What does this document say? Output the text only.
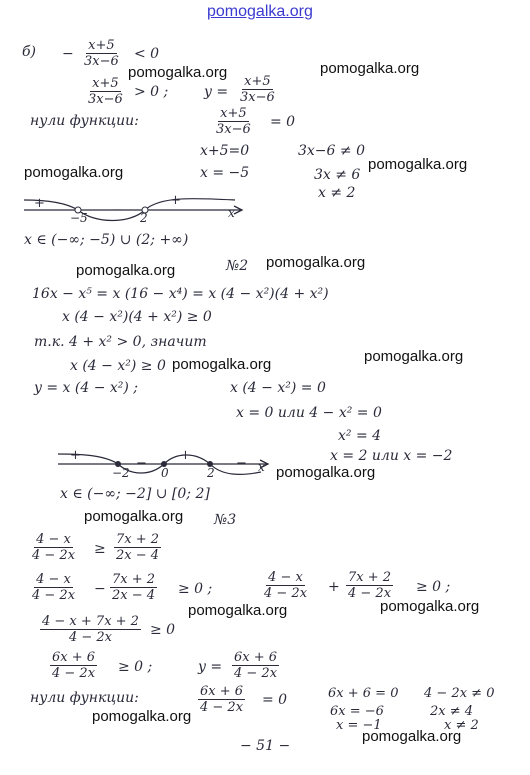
pomogalka.org
$б) - \frac{x+5}{3x-6} < 0$
pomogalka.org	pomogalka.org
$\frac{x+5}{3x-6} > 0$ ;	$y = \frac{x+5}{3x-6}$
нули функции:	$\frac{x+5}{3x-6} = 0$
x+5=0	3x−6 ≠ 0
pomogalka.org
pomogalka.org	x = −5	3x ≠ 6
x ≠ 2
+	−
+
−5	2	x
x ∈ (−∞; −5) ∪ (2; +∞)
pomogalka.org	№2 pomogalka.org
16x − x⁵ = x (16 − x⁴) = x (4 − x²)(4 + x²)
x (4 − x²)(4 + x²) ≥ 0
т.к. 4 + x² > 0, значит
pomogalka.org
x (4 − x²) ≥ 0 pomogalka.org
y = x (4 − x²) ;	x (4 − x²) = 0
x = 0 или 4 − x² = 0
x² = 4
x = 2 или x = −2
+
−
+
−
−2	0	2	x pomogalka.org
x ∈ (−∞; −2] ∪ [0; 2]
pomogalka.org №3
$\frac{4 - x}{4 - 2x} \ge \frac{7x + 2}{2x - 4}$
$\frac{4 - x}{4 - 2x} - \frac{7x + 2}{2x - 4} \ge 0$ ;	$\frac{4 - x}{4 - 2x} + \frac{7x + 2}{4 - 2x} \ge 0$ ;
pomogalka.org	pomogalka.org
$\frac{4 - x + 7x + 2}{4 - 2x} \ge 0$
$\frac{6x + 6}{4 - 2x} \ge 0$ ;	$y = \frac{6x + 6}{4 - 2x}$
нули функции:	$\frac{6x + 6}{4 - 2x} = 0$	6x + 6 = 0 4 − 2x ≠ 0
6x = −6	2x ≠ 4
x = −1	x ≠ 2
pomogalka.org
pomogalka.org
− 51 −
